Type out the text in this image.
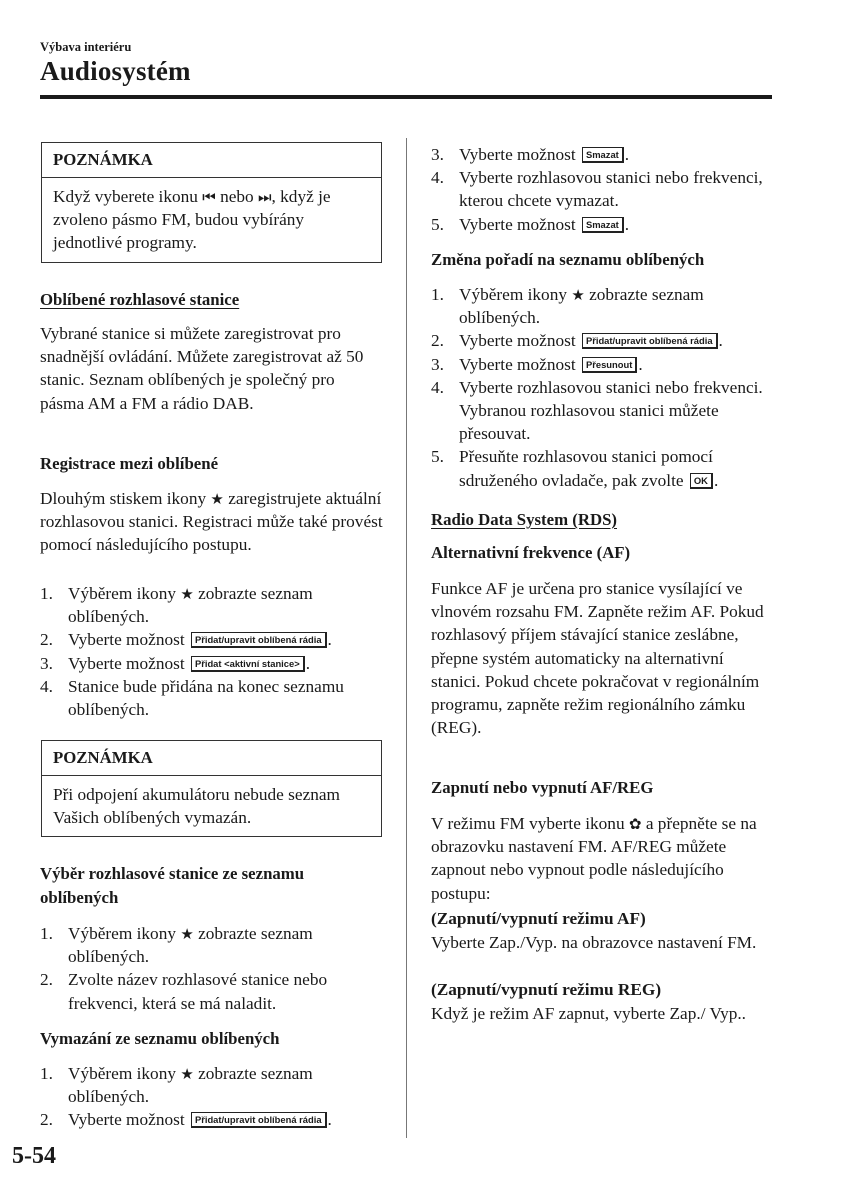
Výbava interiéru
Audiosystém
POZNÁMKA
Když vyberete ikonu ⏮ nebo ⏭, když je zvoleno pásmo FM, budou vybírány jednotlivé programy.
Oblíbené rozhlasové stanice
Vybrané stanice si můžete zaregistrovat pro snadnější ovládání. Můžete zaregistrovat až 50 stanic. Seznam oblíbených je společný pro pásma AM a FM a rádio DAB.
Registrace mezi oblíbené
Dlouhým stiskem ikony ★ zaregistrujete aktuální rozhlasovou stanici. Registraci může také provést pomocí následujícího postupu.
1. Výběrem ikony ★ zobrazte seznam oblíbených.
2. Vyberte možnost Přidat/upravit oblíbená rádia .
3. Vyberte možnost Přidat <aktivní stanice> .
4. Stanice bude přidána na konec seznamu oblíbených.
POZNÁMKA
Při odpojení akumulátoru nebude seznam Vašich oblíbených vymazán.
Výběr rozhlasové stanice ze seznamu oblíbených
1. Výběrem ikony ★ zobrazte seznam oblíbených.
2. Zvolte název rozhlasové stanice nebo frekvenci, která se má naladit.
Vymazání ze seznamu oblíbených
1. Výběrem ikony ★ zobrazte seznam oblíbených.
2. Vyberte možnost Přidat/upravit oblíbená rádia .
3. Vyberte možnost Smazat .
4. Vyberte rozhlasovou stanici nebo frekvenci, kterou chcete vymazat.
5. Vyberte možnost Smazat .
Změna pořadí na seznamu oblíbených
1. Výběrem ikony ★ zobrazte seznam oblíbených.
2. Vyberte možnost Přidat/upravit oblíbená rádia .
3. Vyberte možnost Přesunout .
4. Vyberte rozhlasovou stanici nebo frekvenci. Vybranou rozhlasovou stanici můžete přesouvat.
5. Přesuňte rozhlasovou stanici pomocí sdruženého ovladače, pak zvolte OK .
Radio Data System (RDS)
Alternativní frekvence (AF)
Funkce AF je určena pro stanice vysílající ve vlnovém rozsahu FM. Zapněte režim AF. Pokud rozhlasový příjem stávající stanice zeslábne, přepne systém automaticky na alternativní stanici. Pokud chcete pokračovat v regionálním programu, zapněte režim regionálního zámku (REG).
Zapnutí nebo vypnutí AF/REG
V režimu FM vyberte ikonu ✿ a přepněte se na obrazovku nastavení FM. AF/REG můžete zapnout nebo vypnout podle následujícího postupu:
(Zapnutí/vypnutí režimu AF)
Vyberte Zap./Vyp. na obrazovce nastavení FM.
(Zapnutí/vypnutí režimu REG)
Když je režim AF zapnut, vyberte Zap./ Vyp..
5-54
